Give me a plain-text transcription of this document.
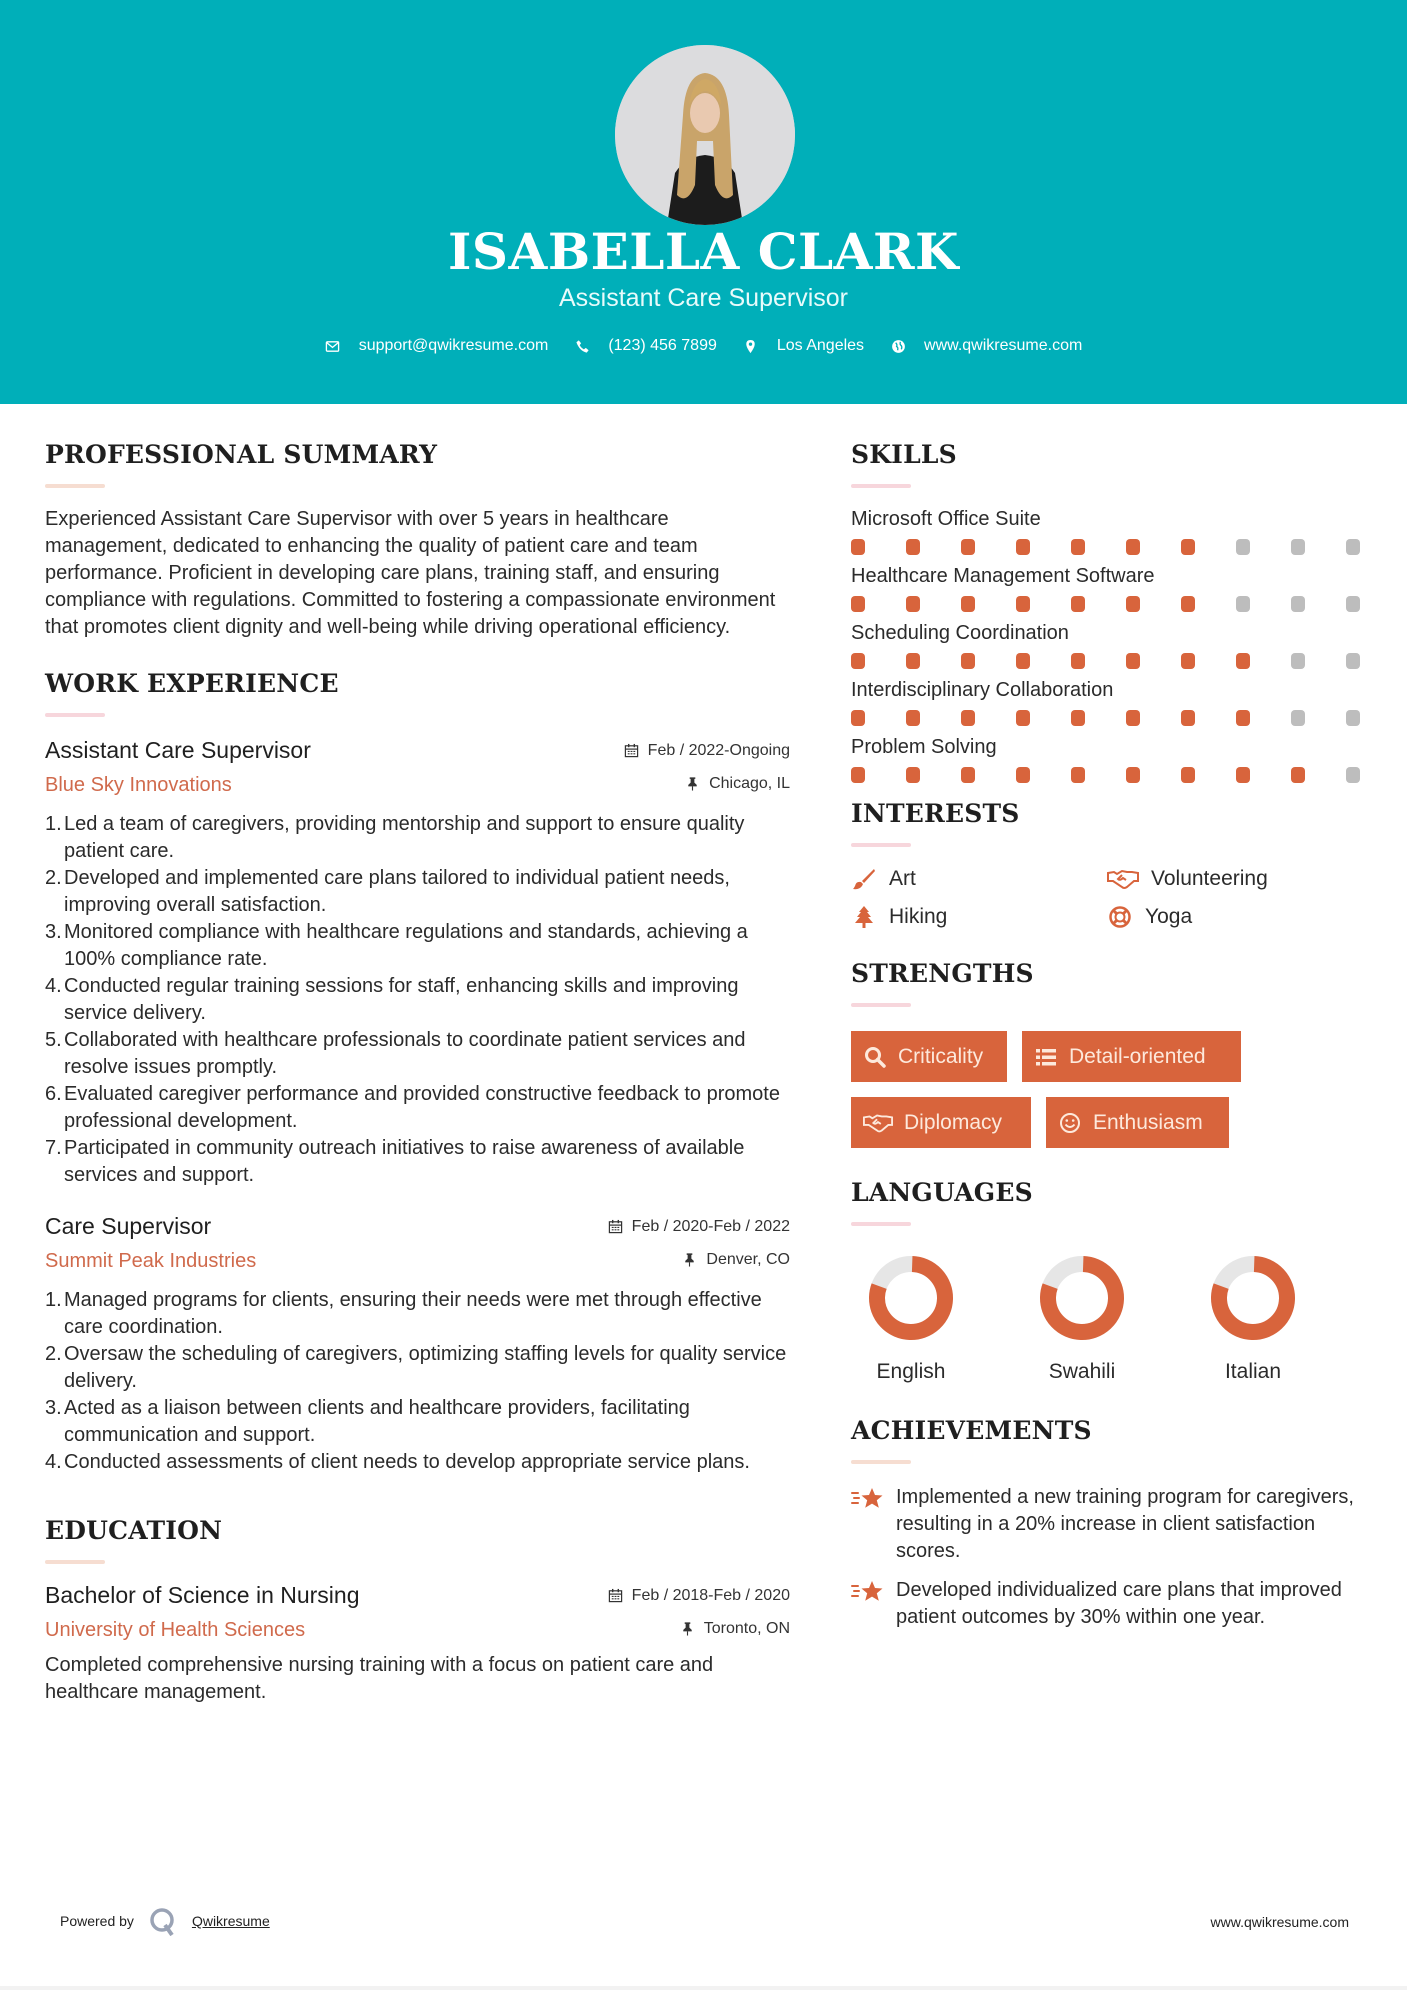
ISABELLA CLARK
Assistant Care Supervisor
support@qwikresume.com	(123) 456 7899	Los Angeles	www.qwikresume.com
PROFESSIONAL SUMMARY

Experienced Assistant Care Supervisor with over 5 years in healthcare management, dedicated to enhancing the quality of patient care and team performance. Proficient in developing care plans, training staff, and ensuring compliance with regulations. Committed to fostering a compassionate environment that promotes client dignity and well-being while driving operational efficiency.

WORK EXPERIENCE
Assistant Care Supervisor	Feb / 2022-Ongoing
Blue Sky Innovations	Chicago, IL
1. Led a team of caregivers, providing mentorship and support to ensure quality patient care.
2. Developed and implemented care plans tailored to individual patient needs, improving overall satisfaction.
3. Monitored compliance with healthcare regulations and standards, achieving a 100% compliance rate.
4. Conducted regular training sessions for staff, enhancing skills and improving service delivery.
5. Collaborated with healthcare professionals to coordinate patient services and resolve issues promptly.
6. Evaluated caregiver performance and provided constructive feedback to promote professional development.
7. Participated in community outreach initiatives to raise awareness of available services and support.
Care Supervisor	Feb / 2020-Feb / 2022
Summit Peak Industries	Denver, CO
1. Managed programs for clients, ensuring their needs were met through effective care coordination.
2. Oversaw the scheduling of caregivers, optimizing staffing levels for quality service delivery.
3. Acted as a liaison between clients and healthcare providers, facilitating communication and support.
4. Conducted assessments of client needs to develop appropriate service plans.
EDUCATION
Bachelor of Science in Nursing	Feb / 2018-Feb / 2020
University of Health Sciences	Toronto, ON

Completed comprehensive nursing training with a focus on patient care and healthcare management.

SKILLS
Microsoft Office Suite
Healthcare Management Software
Scheduling Coordination
Interdisciplinary Collaboration
Problem Solving
INTERESTS
Art	Volunteering
Hiking	Yoga
STRENGTHS
Criticality	Detail-oriented
Diplomacy	Enthusiasm
LANGUAGES
English	Swahili	Italian
ACHIEVEMENTS
Implemented a new training program for caregivers, resulting in a 20% increase in client satisfaction scores.
Developed individualized care plans that improved patient outcomes by 30% within one year.
Powered by	Qwikresume	www.qwikresume.com
